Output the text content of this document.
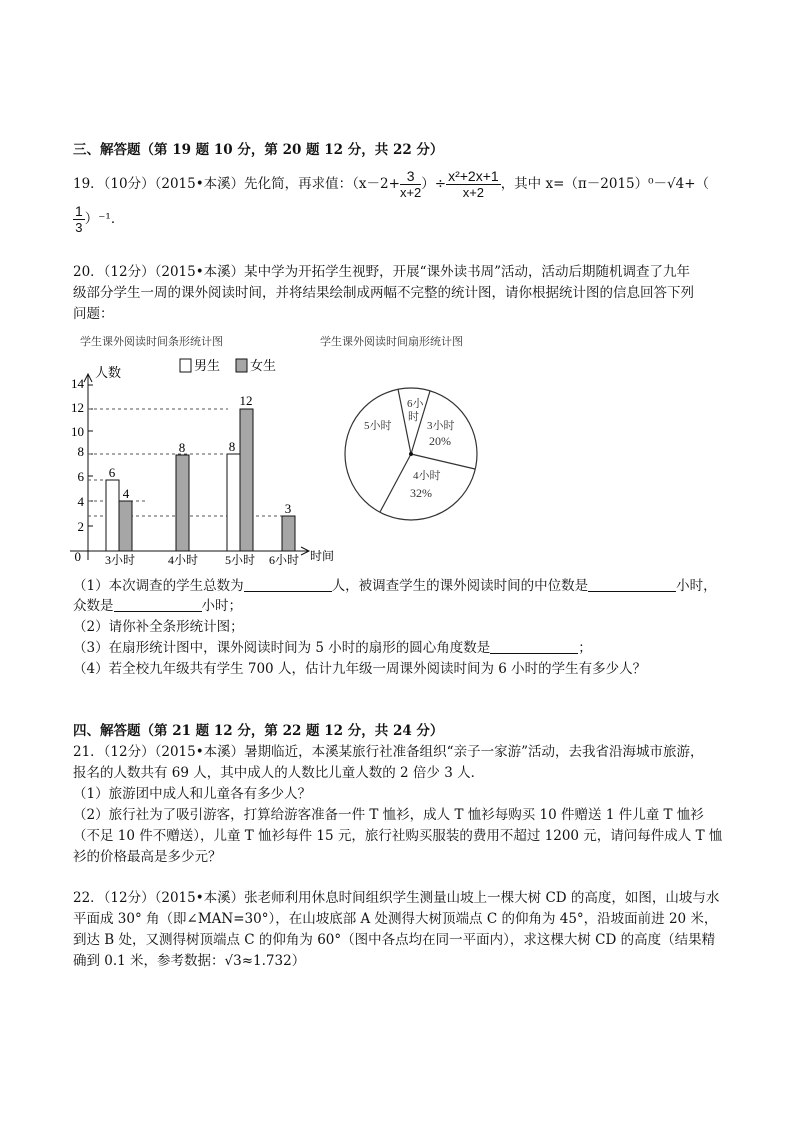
三、解答题（第 19 题 10 分，第 20 题 12 分，共 22 分）
19．（10分）（2015•本溪）先化简，再求值：（$x-2+ \frac{3}{x+2}$ ）÷ $\frac{\text{x²+2x+1}}{x+2}$ ，其中 x=（π－2015）⁰－√4+（
$\frac{1}{3} )^{-1}$．
20．（12分）（2015•本溪）某中学为开拓学生视野，开展“课外读书周”活动，活动后期随机调查了九年
级部分学生一周的课外阅读时间，并将结果绘制成两幅不完整的统计图，请你根据统计图的信息回答下列
问题：
学生课外阅读时间条形统计图
男生 女生
人数
时间
0
2
4
6
8
10
12
14
6
4
8	8
12
3
3小时	4小时 5小时 6小时
学生课外阅读时间扇形统计图
5小时
6小
时
3小时
20%
4小时
32%
（1）本次调查的学生总数为	人，被调查学生的课外阅读时间的中位数是	小时，
众数是	小时；
（2）请你补全条形统计图；
（3）在扇形统计图中，课外阅读时间为 5 小时的扇形的圆心角度数是	；
（4）若全校九年级共有学生 700 人，估计九年级一周课外阅读时间为 6 小时的学生有多少人？
四、解答题（第 21 题 12 分，第 22 题 12 分，共 24 分）
21．（12分）（2015•本溪）暑期临近，本溪某旅行社准备组织“亲子一家游”活动，去我省沿海城市旅游，
报名的人数共有 69 人，其中成人的人数比儿童人数的 2 倍少 3 人．
（1）旅游团中成人和儿童各有多少人？
（2）旅行社为了吸引游客，打算给游客准备一件 T 恤衫，成人 T 恤衫每购买 10 件赠送 1 件儿童 T 恤衫
（不足 10 件不赠送），儿童 T 恤衫每件 15 元，旅行社购买服装的费用不超过 1200 元，请问每件成人 T 恤
衫的价格最高是多少元？
22．（12分）（2015•本溪）张老师利用休息时间组织学生测量山坡上一棵大树 CD 的高度，如图，山坡与水
平面成 30° 角（即∠MAN=30°），在山坡底部 A 处测得大树顶端点 C 的仰角为 45°，沿坡面前进 20 米，
到达 B 处，又测得树顶端点 C 的仰角为 60°（图中各点均在同一平面内），求这棵大树 CD 的高度（结果精
确到 0.1 米，参考数据：√3≈1.732）
